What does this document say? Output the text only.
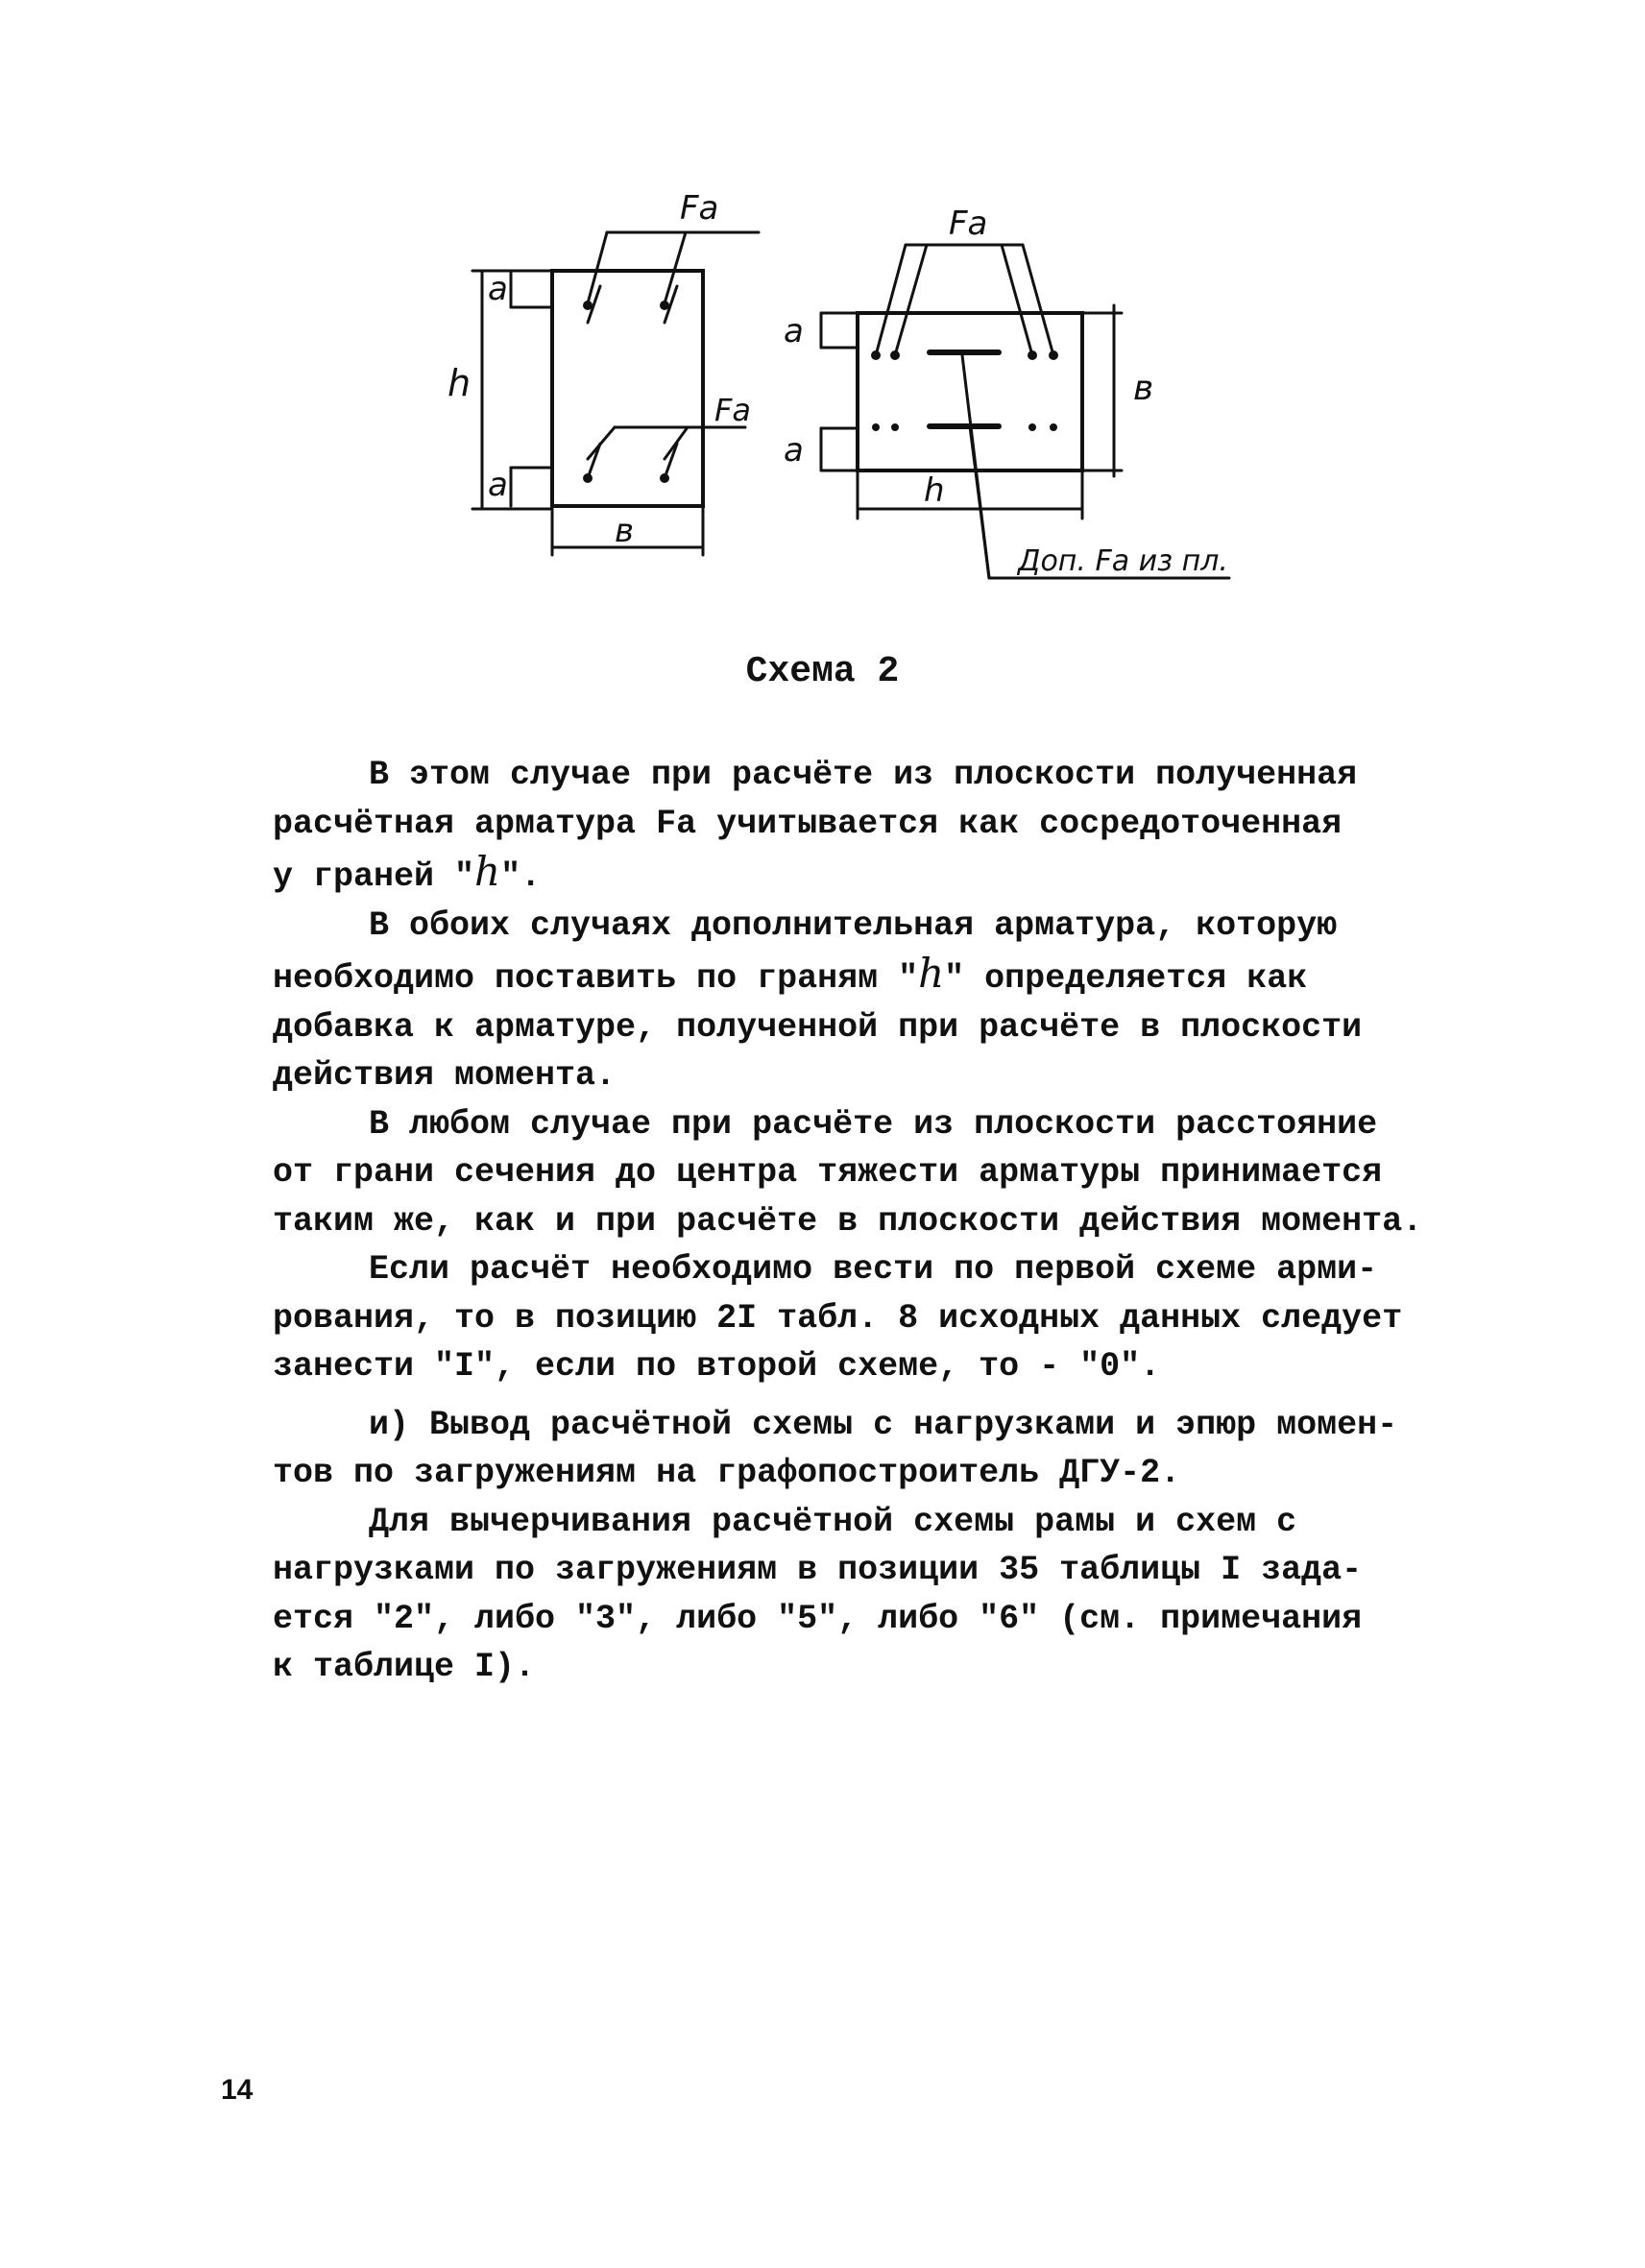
Fa
Fa
a
a
h
в
Fa
a
a
в
h
Доп. Fa из пл.
Схема 2

В этом случае при расчёте из плоскости полученная
расчётная арматура Fa учитывается как сосредоточенная
у граней "h".

В обоих случаях дополнительная арматура, которую
необходимо поставить по граням "h" определяется как
добавка к арматуре, полученной при расчёте в плоскости
действия момента.

В любом случае при расчёте из плоскости расстояние
от грани сечения до центра тяжести арматуры принимается
таким же, как и при расчёте в плоскости действия момента.

Если расчёт необходимо вести по первой схеме арми-
рования, то в позицию 2I табл. 8 исходных данных следует
занести "I", если по второй схеме, то - "0".

и) Вывод расчётной схемы с нагрузками и эпюр момен-
тов по загружениям на графопостроитель ДГУ-2.

Для вычерчивания расчётной схемы рамы и схем с
нагрузками по загружениям в позиции 35 таблицы I зада-
ется "2", либо "3", либо "5", либо "6" (см. примечания
к таблице I).

14
